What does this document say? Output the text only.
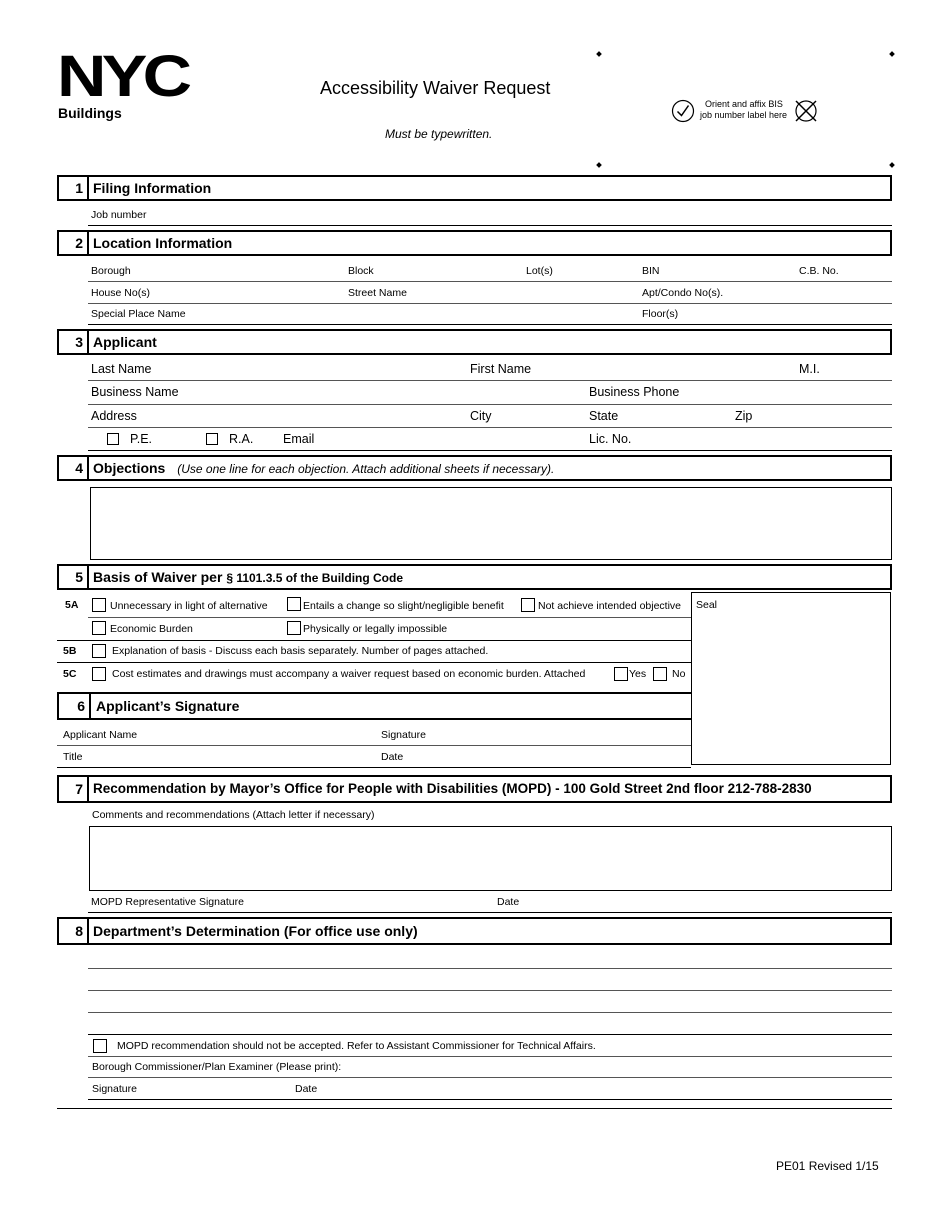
NYC
Buildings
Accessibility Waiver Request
Must be typewritten.
Orient and affix BIS
job number label here
1 Filing Information
Job number
2 Location Information
Borough	Block	Lot(s)	BIN	C.B. No.
House No(s)	Street Name	Apt/Condo No(s).
Special Place Name	Floor(s)
3 Applicant
Last Name	First Name	M.I.
Business Name	Business Phone
Address	City	State	Zip
P.E.	R.A. Email	Lic. No.
4 Objections (Use one line for each objection. Attach additional sheets if necessary).
5 Basis of Waiver per § 1101.3.5 of the Building Code
5A	Unnecessary in light of alternative	Entails a change so slight/negligible benefit	Not achieve intended objective
Economic Burden	Physically or legally impossible
5B	Explanation of basis - Discuss each basis separately. Number of pages attached.
5C	Cost estimates and drawings must accompany a waiver request based on economic burden. Attached	Yes No
Seal
6 Applicant’s Signature
Applicant Name	Signature
Title	Date
7 Recommendation by Mayor’s Office for People with Disabilities (MOPD) - 100 Gold Street 2nd floor 212-788-2830
Comments and recommendations (Attach letter if necessary)
MOPD Representative Signature	Date
8 Department’s Determination (For office use only)
MOPD recommendation should not be accepted. Refer to Assistant Commissioner for Technical Affairs.
Borough Commissioner/Plan Examiner (Please print):
Signature	Date
PE01 Revised 1/15
